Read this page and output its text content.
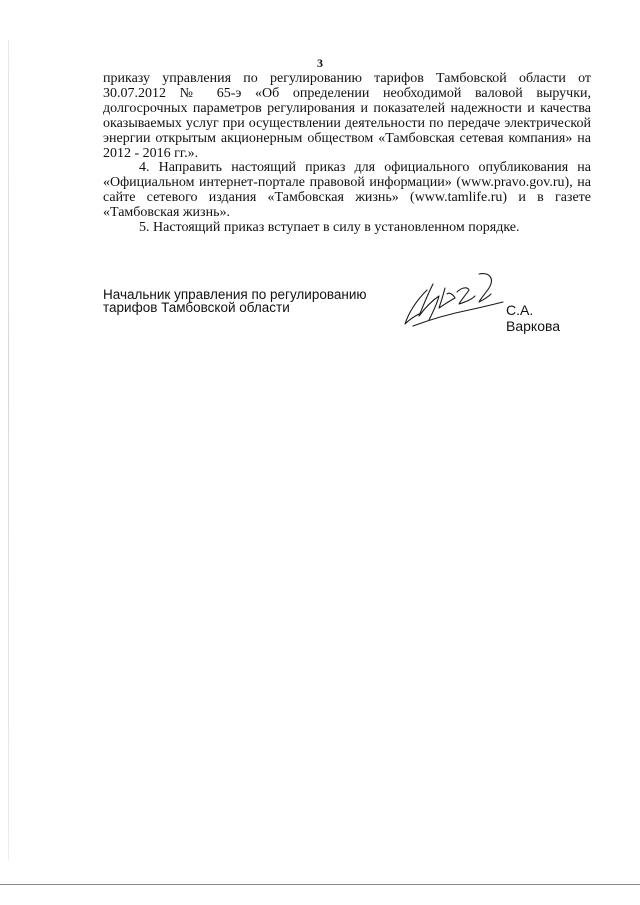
3

приказу управления по регулированию тарифов Тамбовской области от 30.07.2012 № 65-э «Об определении необходимой валовой выручки, долгосрочных параметров регулирования и показателей надежности и качества оказываемых услуг при осуществлении деятельности по передаче электрической энергии открытым акционерным обществом «Тамбовская сетевая компания» на 2012 - 2016 гг.».

4. Направить настоящий приказ для официального опубликования на «Официальном интернет-портале правовой информации» (www.pravo.gov.ru), на сайте сетевого издания «Тамбовская жизнь» (www.tamlife.ru) и в газете «Тамбовская жизнь».

5. Настоящий приказ вступает в силу в установленном порядке.

Начальник управления по регулированию
тарифов Тамбовской области	С.А. Варкова
